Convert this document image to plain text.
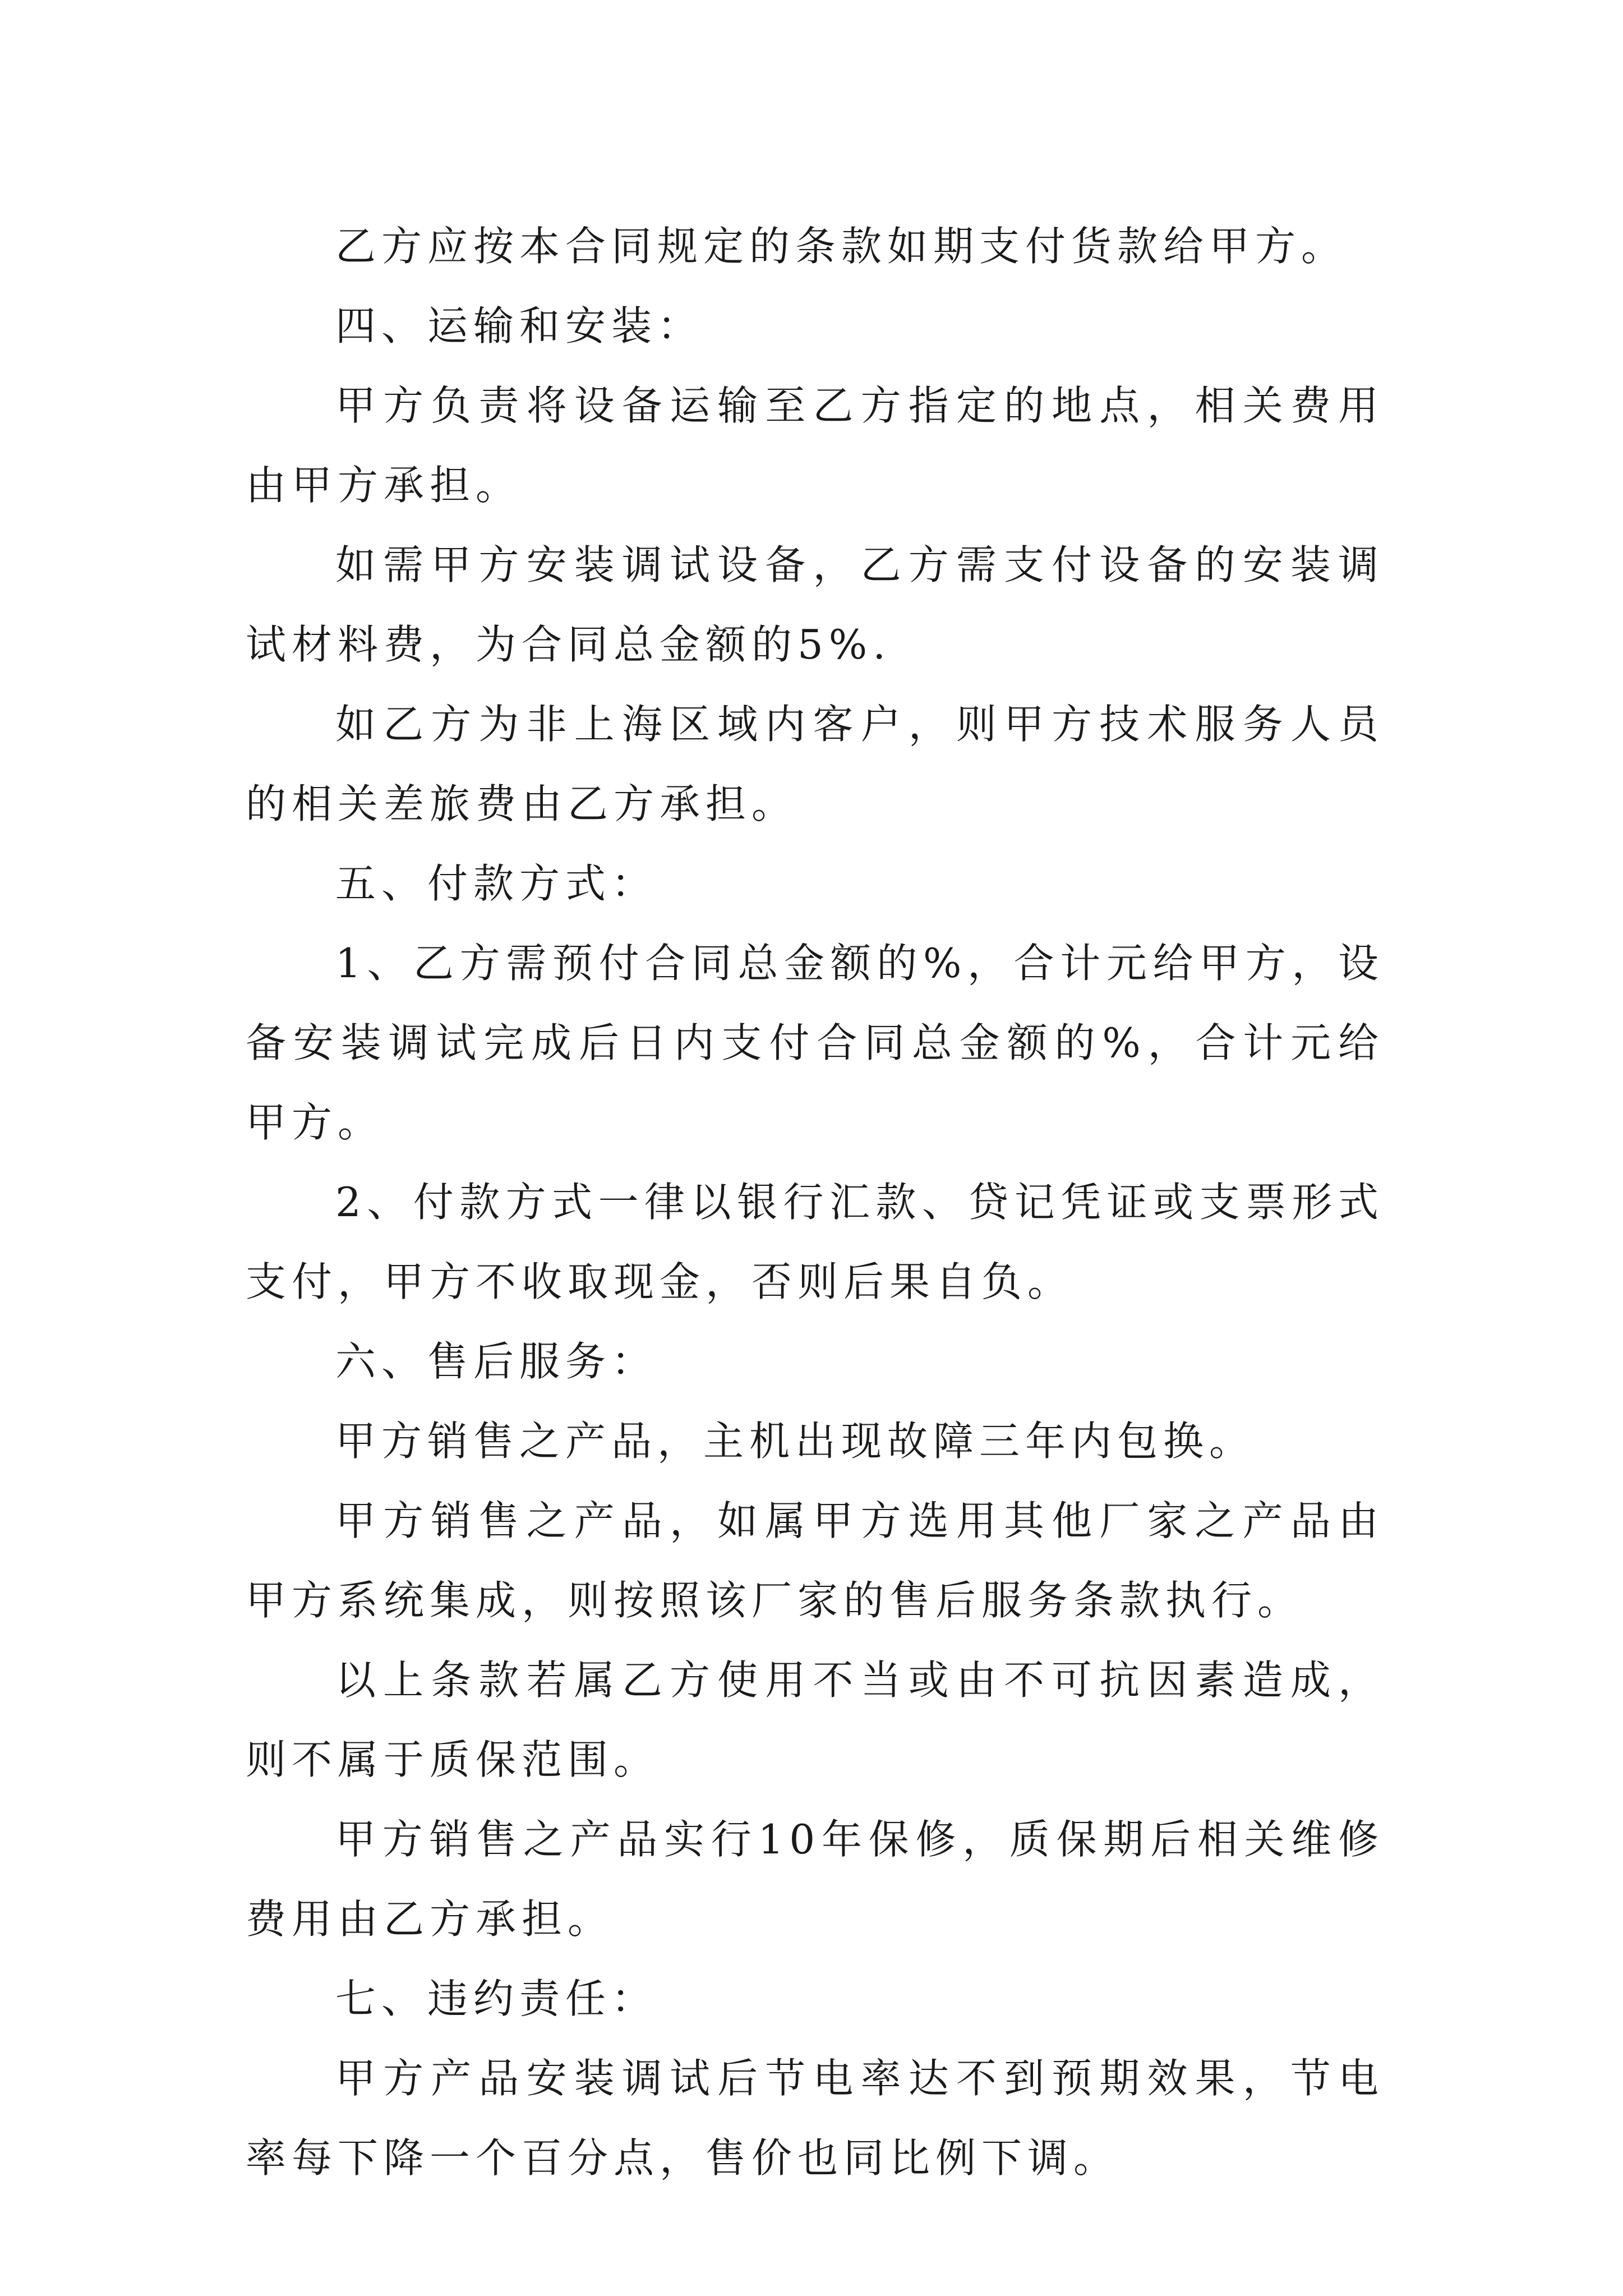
乙方应按本合同规定的条款如期支付货款给甲方。

四、运输和安装：

甲方负责将设备运输至乙方指定的地点，相关费用由甲方承担。

如需甲方安装调试设备，乙方需支付设备的安装调试材料费，为合同总金额的5%.

如乙方为非上海区域内客户，则甲方技术服务人员的相关差旅费由乙方承担。

五、付款方式：

1、乙方需预付合同总金额的%，合计元给甲方，设备安装调试完成后日内支付合同总金额的%，合计元给甲方。

2、付款方式一律以银行汇款、贷记凭证或支票形式支付，甲方不收取现金，否则后果自负。

六、售后服务：

甲方销售之产品，主机出现故障三年内包换。

甲方销售之产品，如属甲方选用其他厂家之产品由甲方系统集成，则按照该厂家的售后服务条款执行。

以上条款若属乙方使用不当或由不可抗因素造成，则不属于质保范围。

甲方销售之产品实行10年保修，质保期后相关维修费用由乙方承担。

七、违约责任：

甲方产品安装调试后节电率达不到预期效果，节电率每下降一个百分点，售价也同比例下调。
